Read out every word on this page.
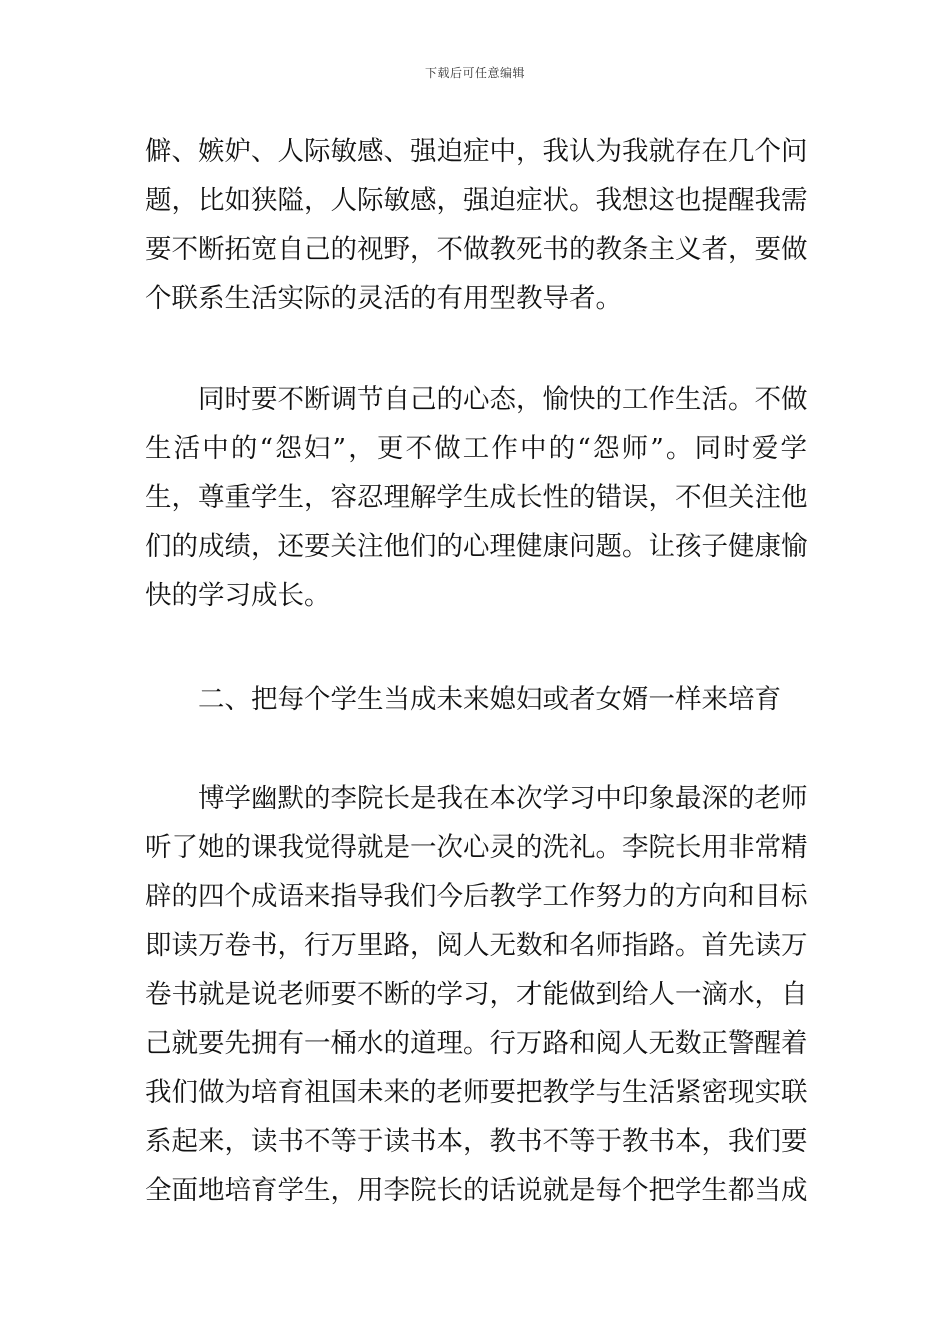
下载后可任意编辑
僻、嫉妒、人际敏感、强迫症中，我认为我就存在几个问
题，比如狭隘，人际敏感，强迫症状。我想这也提醒我需
要不断拓宽自己的视野，不做教死书的教条主义者，要做
个联系生活实际的灵活的有用型教导者。
同时要不断调节自己的心态，愉快的工作生活。不做
生活中的“怨妇”，更不做工作中的“怨师”。同时爱学
生，尊重学生，容忍理解学生成长性的错误，不但关注他
们的成绩，还要关注他们的心理健康问题。让孩子健康愉
快的学习成长。
二、把每个学生当成未来媳妇或者女婿一样来培育
博学幽默的李院长是我在本次学习中印象最深的老师
听了她的课我觉得就是一次心灵的洗礼。李院长用非常精
辟的四个成语来指导我们今后教学工作努力的方向和目标
即读万卷书，行万里路，阅人无数和名师指路。首先读万
卷书就是说老师要不断的学习，才能做到给人一滴水，自
己就要先拥有一桶水的道理。行万路和阅人无数正警醒着
我们做为培育祖国未来的老师要把教学与生活紧密现实联
系起来，读书不等于读书本，教书不等于教书本，我们要
全面地培育学生，用李院长的话说就是每个把学生都当成
